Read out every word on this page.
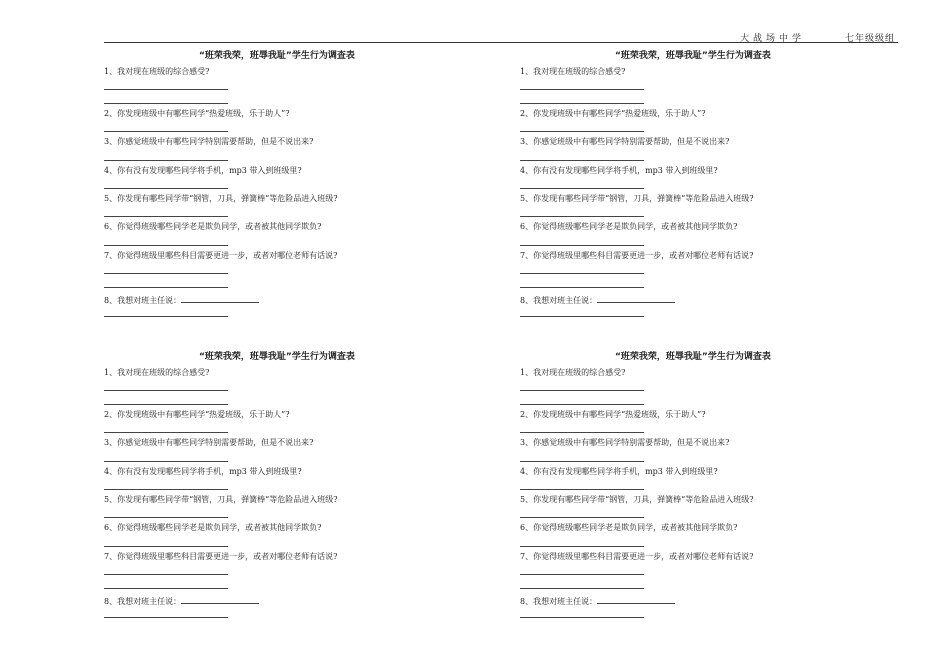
大战场中学	七年级级组
“班荣我荣，班辱我耻”学生行为调查表
1、我对现在班级的综合感受?
2、你发现班级中有哪些同学“热爱班级，乐于助人”?
3、你感觉班级中有哪些同学特别需要帮助，但是不说出来?
4、你有没有发现哪些同学将手机，mp3 带入到班级里?
5、你发现有哪些同学带“钢管，刀具，弹簧棒“等危险品进入班级?
6、你觉得班级哪些同学老是欺负同学，或者被其他同学欺负?
7、你觉得班级里哪些科目需要更进一步，或者对哪位老师有话说?
8、我想对班主任说：
“班荣我荣，班辱我耻”学生行为调查表
1、我对现在班级的综合感受?
2、你发现班级中有哪些同学“热爱班级，乐于助人”?
3、你感觉班级中有哪些同学特别需要帮助，但是不说出来?
4、你有没有发现哪些同学将手机，mp3 带入到班级里?
5、你发现有哪些同学带“钢管，刀具，弹簧棒“等危险品进入班级?
6、你觉得班级哪些同学老是欺负同学，或者被其他同学欺负?
7、你觉得班级里哪些科目需要更进一步，或者对哪位老师有话说?
8、我想对班主任说：
“班荣我荣，班辱我耻”学生行为调查表
1、我对现在班级的综合感受?
2、你发现班级中有哪些同学“热爱班级，乐于助人”?
3、你感觉班级中有哪些同学特别需要帮助，但是不说出来?
4、你有没有发现哪些同学将手机，mp3 带入到班级里?
5、你发现有哪些同学带“钢管，刀具，弹簧棒“等危险品进入班级?
6、你觉得班级哪些同学老是欺负同学，或者被其他同学欺负?
7、你觉得班级里哪些科目需要更进一步，或者对哪位老师有话说?
8、我想对班主任说：
“班荣我荣，班辱我耻”学生行为调查表
1、我对现在班级的综合感受?
2、你发现班级中有哪些同学“热爱班级，乐于助人”?
3、你感觉班级中有哪些同学特别需要帮助，但是不说出来?
4、你有没有发现哪些同学将手机，mp3 带入到班级里?
5、你发现有哪些同学带“钢管，刀具，弹簧棒“等危险品进入班级?
6、你觉得班级哪些同学老是欺负同学，或者被其他同学欺负?
7、你觉得班级里哪些科目需要更进一步，或者对哪位老师有话说?
8、我想对班主任说：
